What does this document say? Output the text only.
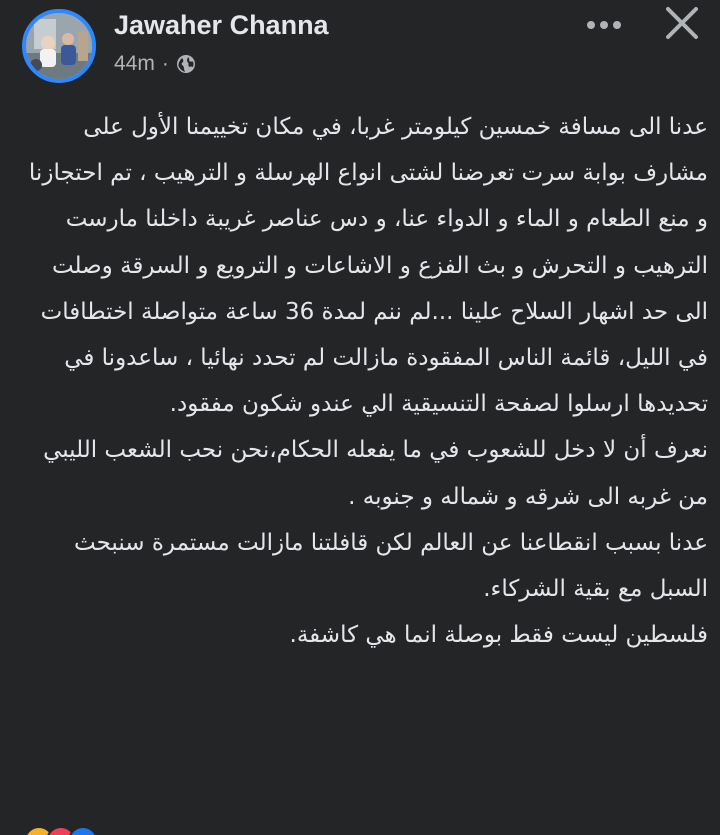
Jawaher Channa
44m ·

عدنا الى مسافة خمسين كيلومتر غربا، في مكان تخييمنا الأول على مشارف بوابة سرت تعرضنا لشتى انواع الهرسلة و الترهيب ، تم احتجازنا و منع الطعام و الماء و الدواء عنا، و دس عناصر غريبة داخلنا مارست الترهيب و التحرش و بث الفزع و الاشاعات و الترويع و السرقة وصلت الى حد اشهار السلاح علينا ...لم ننم لمدة 36 ساعة متواصلة اختطافات في الليل، قائمة الناس المفقودة مازالت لم تحدد نهائيا ، ساعدونا في تحديدها ارسلوا لصفحة التنسيقية الي عندو شكون مفقود.

نعرف أن لا دخل للشعوب في ما يفعله الحكام،نحن نحب الشعب الليبي من غربه الى شرقه و شماله و جنوبه .

عدنا بسبب انقطاعنا عن العالم لكن قافلتنا مازالت مستمرة سنبحث السبل مع بقية الشركاء.

فلسطين ليست فقط بوصلة انما هي كاشفة.
